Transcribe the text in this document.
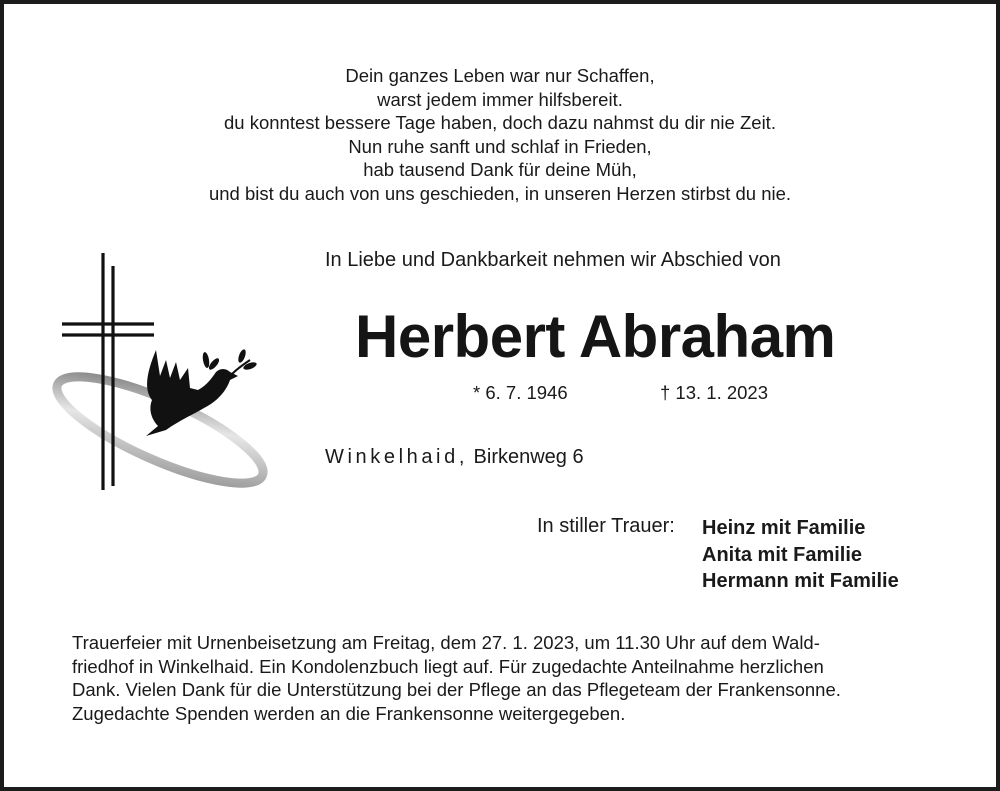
Dein ganzes Leben war nur Schaffen,
warst jedem immer hilfsbereit.
du konntest bessere Tage haben, doch dazu nahmst du dir nie Zeit.
Nun ruhe sanft und schlaf in Frieden,
hab tausend Dank für deine Müh,
und bist du auch von uns geschieden, in unseren Herzen stirbst du nie.
In Liebe und Dankbarkeit nehmen wir Abschied von
Herbert Abraham
* 6. 7. 1946	† 13. 1. 2023
Winkelhaid, Birkenweg 6
In stiller Trauer: Heinz mit Familie
Anita mit Familie
Hermann mit Familie
Trauerfeier mit Urnenbeisetzung am Freitag, dem 27. 1. 2023, um 11.30 Uhr auf dem Wald-
friedhof in Winkelhaid. Ein Kondolenzbuch liegt auf. Für zugedachte Anteilnahme herzlichen
Dank. Vielen Dank für die Unterstützung bei der Pflege an das Pflegeteam der Frankensonne.
Zugedachte Spenden werden an die Frankensonne weitergegeben.
